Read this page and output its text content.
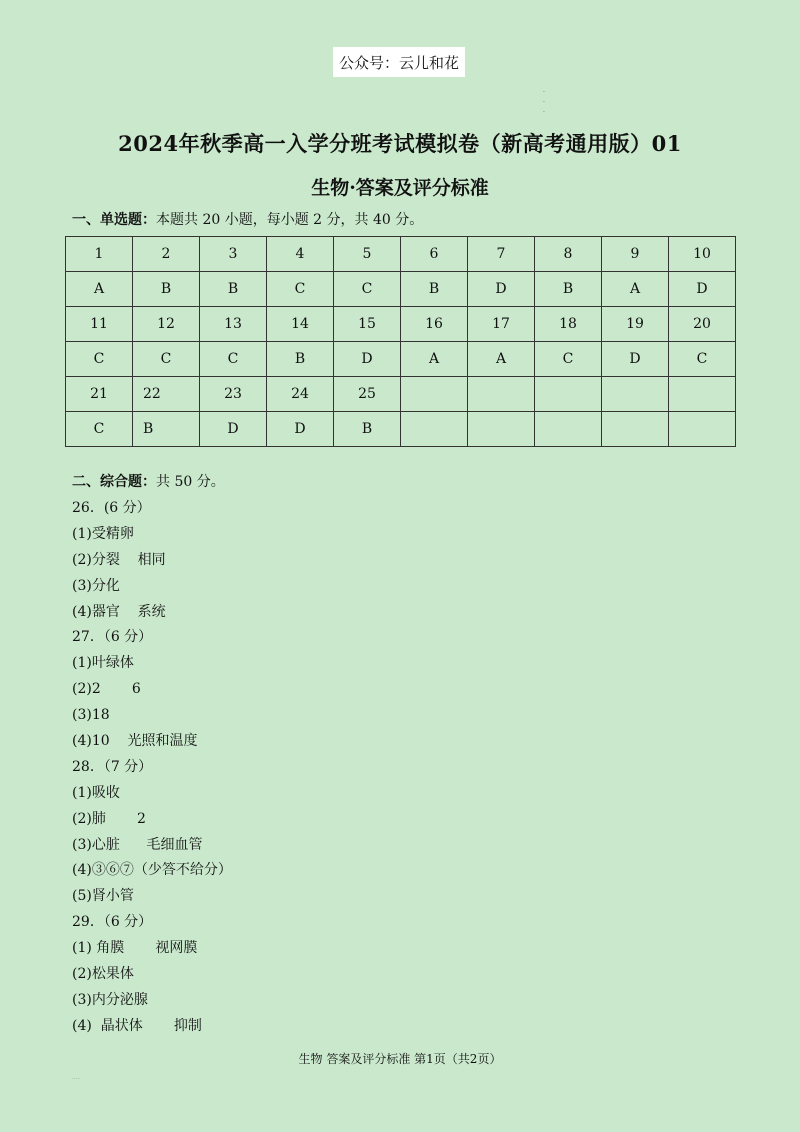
公众号：云儿和花
·
·
·
2024年秋季高一入学分班考试模拟卷（新高考通用版）01
生物·答案及评分标准
一、单选题：本题共 20 小题，每小题 2 分，共 40 分。
1	2	3	4	5	6	7	8	9	10
A	B	B	C	C	B	D	B	A	D
11	12	13	14	15	16	17	18	19	20
C	C	C	B	D	A	A	C	D	C
21	22	23	24	25					
C	B	D	D	B					
二、综合题：共 50 分。
26．(6 分）
(1)受精卵
(2)分裂    相同
(3)分化
(4)器官    系统
27．（6 分）
(1)叶绿体
(2)2       6
(3)18
(4)10    光照和温度
28．（7 分）
(1)吸收
(2)肺       2
(3)心脏      毛细血管
(4)③⑥⑦（少答不给分）
(5)肾小管
29．（6 分）
(1) 角膜       视网膜
(2)松果体
(3)内分泌腺
(4)  晶状体       抑制
生物 答案及评分标准 第1页（共2页）
····
